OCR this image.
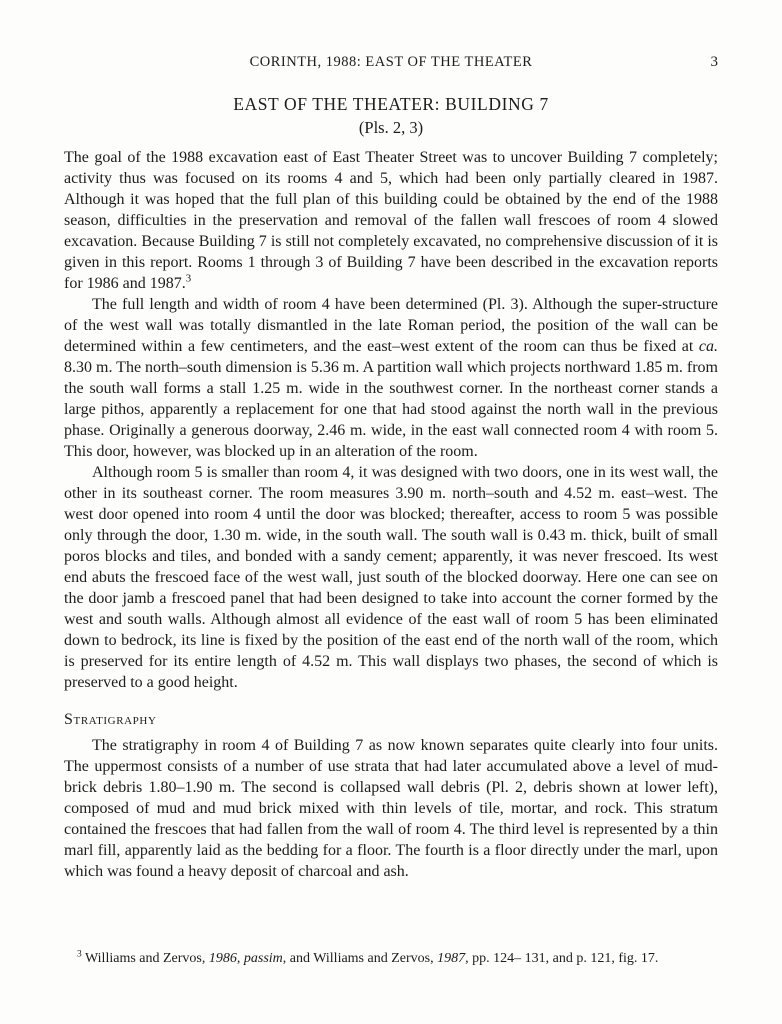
CORINTH, 1988: EAST OF THE THEATER	3
EAST OF THE THEATER: BUILDING 7
(Pls. 2, 3)

The goal of the 1988 excavation east of East Theater Street was to uncover Building 7 completely; activity thus was focused on its rooms 4 and 5, which had been only partially cleared in 1987. Although it was hoped that the full plan of this building could be obtained by the end of the 1988 season, difficulties in the preservation and removal of the fallen wall frescoes of room 4 slowed excavation. Because Building 7 is still not completely excavated, no comprehensive discussion of it is given in this report. Rooms 1 through 3 of Building 7 have been described in the excavation reports for 1986 and 1987.$^3$

The full length and width of room 4 have been determined (Pl. 3). Although the super-structure of the west wall was totally dismantled in the late Roman period, the position of the wall can be determined within a few centimeters, and the east–west extent of the room can thus be fixed at ca. 8.30 m. The north–south dimension is 5.36 m. A partition wall which projects northward 1.85 m. from the south wall forms a stall 1.25 m. wide in the southwest corner. In the northeast corner stands a large pithos, apparently a replacement for one that had stood against the north wall in the previous phase. Originally a generous doorway, 2.46 m. wide, in the east wall connected room 4 with room 5. This door, however, was blocked up in an alteration of the room.

Although room 5 is smaller than room 4, it was designed with two doors, one in its west wall, the other in its southeast corner. The room measures 3.90 m. north–south and 4.52 m. east–west. The west door opened into room 4 until the door was blocked; thereafter, access to room 5 was possible only through the door, 1.30 m. wide, in the south wall. The south wall is 0.43 m. thick, built of small poros blocks and tiles, and bonded with a sandy cement; apparently, it was never frescoed. Its west end abuts the frescoed face of the west wall, just south of the blocked doorway. Here one can see on the door jamb a frescoed panel that had been designed to take into account the corner formed by the west and south walls. Although almost all evidence of the east wall of room 5 has been eliminated down to bedrock, its line is fixed by the position of the east end of the north wall of the room, which is preserved for its entire length of 4.52 m. This wall displays two phases, the second of which is preserved to a good height.

Stratigraphy

The stratigraphy in room 4 of Building 7 as now known separates quite clearly into four units. The uppermost consists of a number of use strata that had later accumulated above a level of mud-brick debris 1.80–1.90 m. The second is collapsed wall debris (Pl. 2, debris shown at lower left), composed of mud and mud brick mixed with thin levels of tile, mortar, and rock. This stratum contained the frescoes that had fallen from the wall of room 4. The third level is represented by a thin marl fill, apparently laid as the bedding for a floor. The fourth is a floor directly under the marl, upon which was found a heavy deposit of charcoal and ash.

$^3$ Williams and Zervos, 1986, passim, and Williams and Zervos, 1987, pp. 124– 131, and p. 121, fig. 17.
